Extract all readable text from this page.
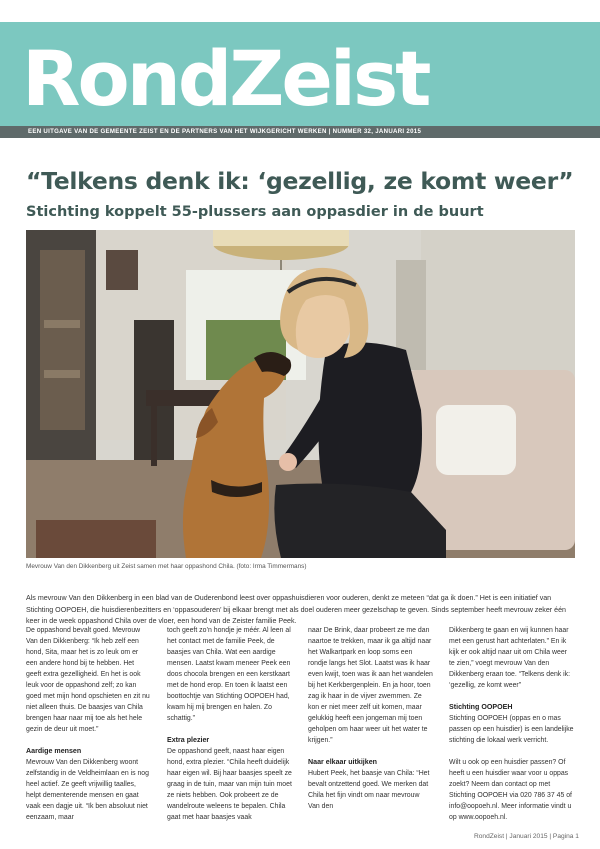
RondZeist
EEN UITGAVE VAN DE GEMEENTE ZEIST EN DE PARTNERS VAN HET WIJKGERICHT WERKEN | NUMMER 32, JANUARI 2015
“Telkens denk ik: ‘gezellig, ze komt weer”
Stichting koppelt 55-plussers aan oppasdier in de buurt
Mevrouw Van den Dikkenberg uit Zeist samen met haar oppashond Chila. (foto: Irma Timmermans)
Als mevrouw Van den Dikkenberg in een blad van de Ouderenbond leest over oppashuisdieren voor ouderen, denkt ze meteen “dat ga ik doen.” Het is een initiatief van Stichting OOPOEH, die huisdierenbezitters en ‘oppasouderen’ bij elkaar brengt met als doel ouderen meer gezelschap te geven. Sinds september heeft mevrouw zeker één keer in de week oppashond Chila over de vloer, een hond van de Zeister familie Peek.

De oppashond bevalt goed. Mevrouw Van den Dikkenberg: “Ik heb zelf een hond, Sita, maar het is zo leuk om er een andere hond bij te hebben. Het geeft extra gezelligheid. En het is ook leuk voor de oppashond zelf; zo kan goed met mijn hond opschieten en zit nu niet alleen thuis. De baasjes van Chila brengen haar naar mij toe als het hele gezin de deur uit moet.”

Aardige mensen

Mevrouw Van den Dikkenberg woont zelfstandig in de Veldheimlaan en is nog heel actief. Ze geeft vrijwillig taalles, helpt dementerende mensen en gaat vaak een dagje uit. “Ik ben absoluut niet eenzaam, maar

toch geeft zo’n hondje je méér. Al leen al het contact met de familie Peek, de baasjes van Chila. Wat een aardige mensen. Laatst kwam meneer Peek een doos chocola brengen en een kerstkaart met de hond erop. En toen ik laatst een boottochtje van Stichting OOPOEH had, kwam hij mij brengen en halen. Zo schattig.”

Extra plezier

De oppashond geeft, naast haar eigen hond, extra plezier. “Chila heeft duidelijk haar eigen wil. Bij haar baasjes speelt ze graag in de tuin, maar van mijn tuin moet ze niets hebben. Ook probeert ze de wandelroute weleens te bepalen. Chila gaat met haar baasjes vaak

naar De Brink, daar probeert ze me dan naartoe te trekken, maar ik ga altijd naar het Walkartpark en loop soms een rondje langs het Slot. Laatst was ik haar even kwijt, toen was ik aan het wandelen bij het Kerkbergenplein. En ja hoor, toen zag ik haar in de vijver zwemmen. Ze kon er niet meer zelf uit komen, maar gelukkig heeft een jongeman mij toen geholpen om haar weer uit het water te krijgen.”

Naar elkaar uitkijken

Hubert Peek, het baasje van Chila: “Het bevalt ontzettend goed. We merken dat Chila het fijn vindt om naar mevrouw Van den

Dikkenberg te gaan en wij kunnen haar met een gerust hart achterlaten.” En ik kijk er ook altijd naar uit om Chila weer te zien,” voegt mevrouw Van den Dikkenberg eraan toe. “Telkens denk ik: ‘gezellig, ze komt weer”

Stichting OOPOEH

Stichting OOPOEH (oppas en o mas passen op een huisdier) is een landelijke stichting die lokaal werk verricht.

Wilt u ook op een huisdier passen? Of heeft u een huisdier waar voor u oppas zoekt? Neem dan contact op met Stichting OOPOEH via 020 786 37 45 of info@oopoeh.nl. Meer informatie vindt u op www.oopoeh.nl.

RondZeist | Januari 2015 | Pagina 1
